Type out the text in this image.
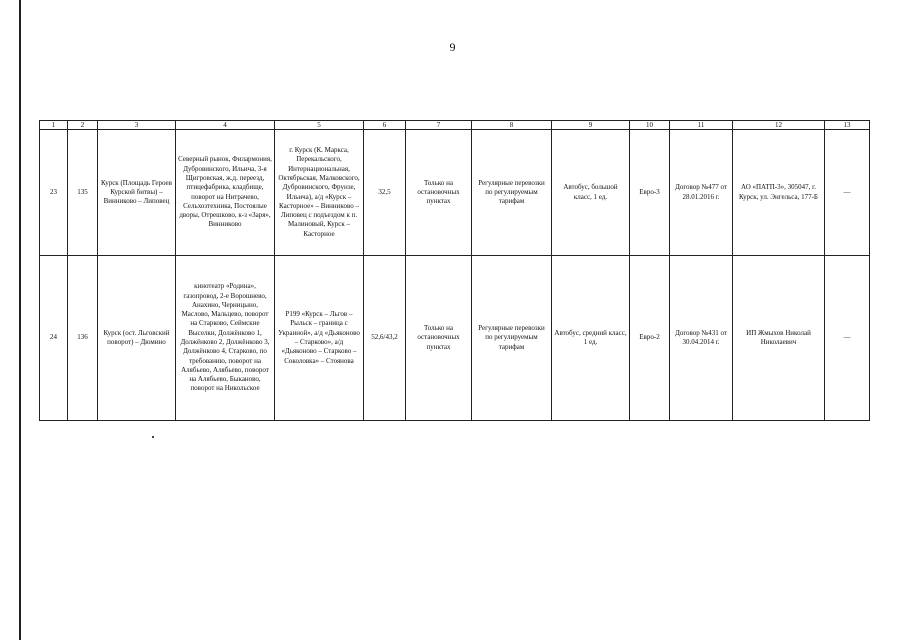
9
1	2	3	4	5	6	7	8	9	10	11	12	13
23	135	Курск (Площадь Героев Курской битвы) – Винниково – Липовец	Северный рынок, Филармония, Дубровинского, Ильича, 3-я Щигровская, ж.д. переезд, птицефабрика, кладбище, поворот на Нитрачево, Сельхозтехника, Постоялые дворы, Отрешково, к-з «Заря», Винниково	г. Курск (К. Маркса, Перекальского, Интернациональная, Октябрьская, Малковского, Дубровинского, Фрунзе, Ильича), а/д «Курск – Касторное» – Винниково – Липовец с подъездом к п. Малиновый, Курск – Касторное	32,5	Только на остановочных пунктах	Регулярные перевозки по регулируемым тарифам	Автобус, большой класс, 1 ед.	Евро-3	Договор №477 от 28.01.2016 г.	АО «ПАТП-3», 305047, г. Курск, ул. Энгельса, 177-Б	—
24	136	Курск (ост. Льговский поворот) – Дюмино	кинотеатр «Родина», газопровод, 2-е Ворошнево, Анахино, Черницыно, Маслово, Мальцево, поворот на Старково, Сеймские Выселки, Должёнково 1, Должёнково 2, Должёнково 3, Должёнково 4, Старково, по требованию, поворот на Алябьево, Алябьево, поворот на Алябьево, Быканово, поворот на Никольское	Р199 «Курск – Льгов – Рыльск – граница с Украиной», а/д «Дьяконово – Старково», а/д «Дьяконово – Старково – Соколовка» – Стоянова	52,6/43,2	Только на остановочных пунктах	Регулярные перевозки по регулируемым тарифам	Автобус, средний класс, 1 ед.	Евро-2	Договор №431 от 30.04.2014 г.	ИП Жмыхов Николай Николаевич	—
